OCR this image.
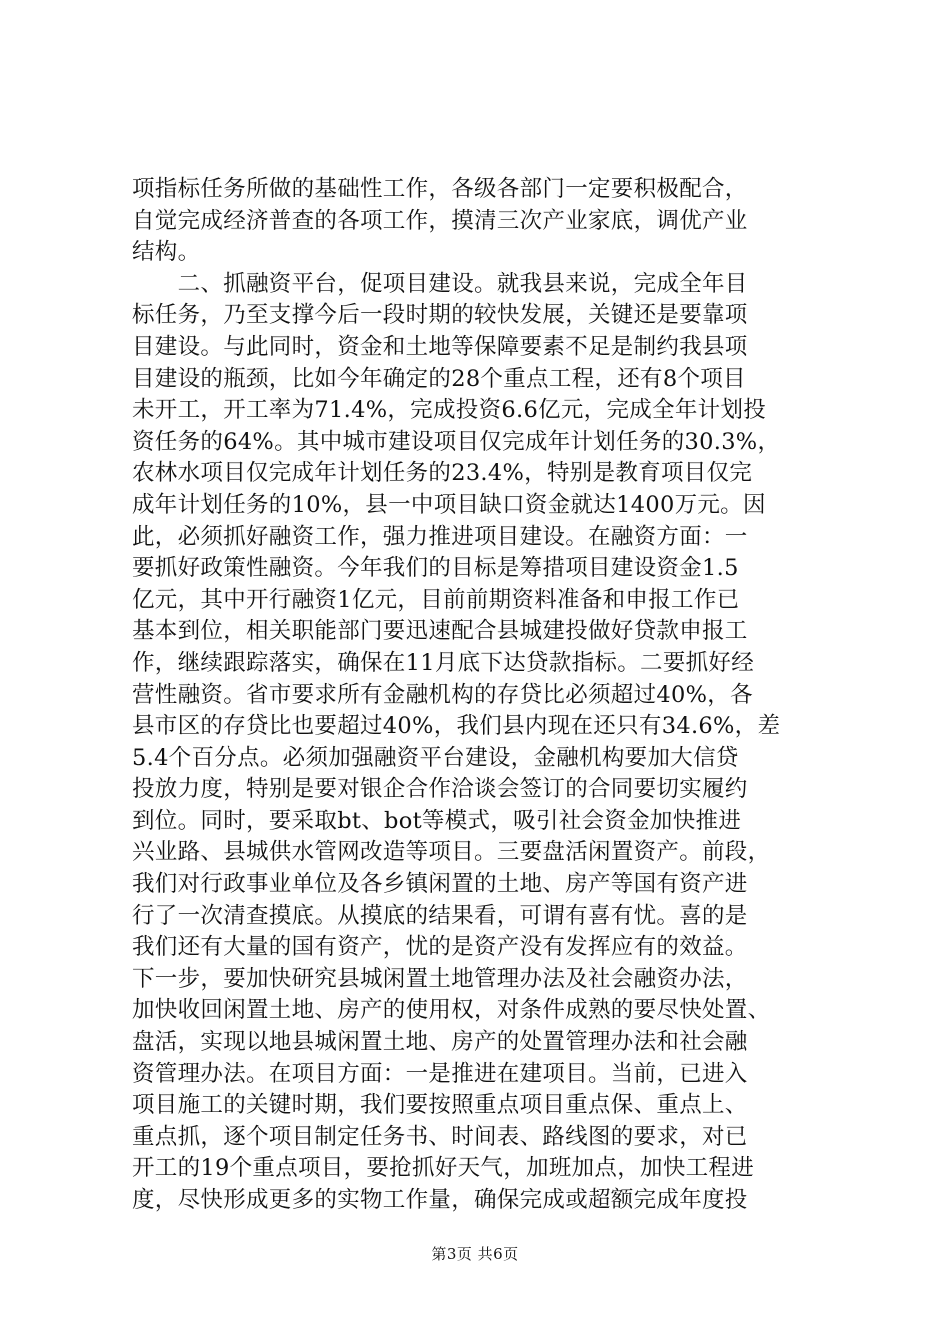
项指标任务所做的基础性工作，各级各部门一定要积极配合，
自觉完成经济普查的各项工作，摸清三次产业家底，调优产业
结构。
　　二、抓融资平台，促项目建设。就我县来说，完成全年目
标任务，乃至支撑今后一段时期的较快发展，关键还是要靠项
目建设。与此同时，资金和土地等保障要素不足是制约我县项
目建设的瓶颈，比如今年确定的28个重点工程，还有8个项目
未开工，开工率为71.4%，完成投资6.6亿元，完成全年计划投
资任务的64%。其中城市建设项目仅完成年计划任务的30.3%，
农林水项目仅完成年计划任务的23.4%，特别是教育项目仅完
成年计划任务的10%，县一中项目缺口资金就达1400万元。因
此，必须抓好融资工作，强力推进项目建设。在融资方面：一
要抓好政策性融资。今年我们的目标是筹措项目建设资金1.5
亿元，其中开行融资1亿元，目前前期资料准备和申报工作已
基本到位，相关职能部门要迅速配合县城建投做好贷款申报工
作，继续跟踪落实，确保在11月底下达贷款指标。二要抓好经
营性融资。省市要求所有金融机构的存贷比必须超过40%，各
县市区的存贷比也要超过40%，我们县内现在还只有34.6%，差
5.4个百分点。必须加强融资平台建设，金融机构要加大信贷
投放力度，特别是要对银企合作洽谈会签订的合同要切实履约
到位。同时，要采取bt、bot等模式，吸引社会资金加快推进
兴业路、县城供水管网改造等项目。三要盘活闲置资产。前段，
我们对行政事业单位及各乡镇闲置的土地、房产等国有资产进
行了一次清查摸底。从摸底的结果看，可谓有喜有忧。喜的是
我们还有大量的国有资产，忧的是资产没有发挥应有的效益。
下一步，要加快研究县城闲置土地管理办法及社会融资办法，
加快收回闲置土地、房产的使用权，对条件成熟的要尽快处置、
盘活，实现以地县城闲置土地、房产的处置管理办法和社会融
资管理办法。在项目方面：一是推进在建项目。当前，已进入
项目施工的关键时期，我们要按照重点项目重点保、重点上、
重点抓，逐个项目制定任务书、时间表、路线图的要求，对已
开工的19个重点项目，要抢抓好天气，加班加点，加快工程进
度，尽快形成更多的实物工作量，确保完成或超额完成年度投

第3页 共6页
